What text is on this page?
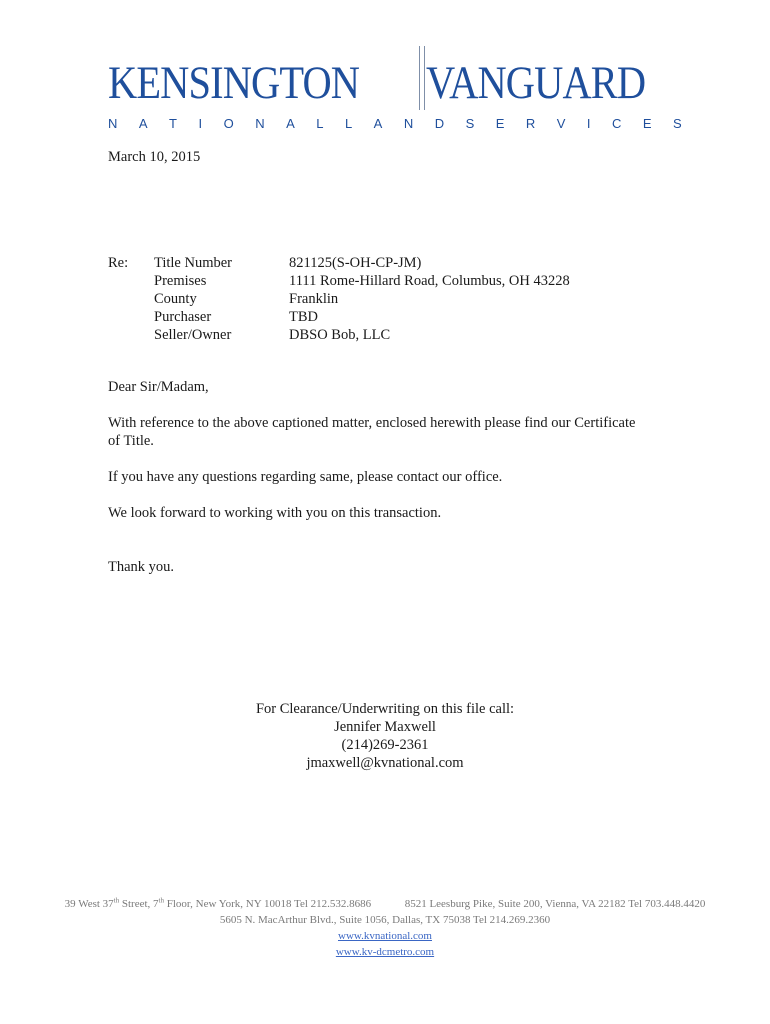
KENSINGTON VANGUARD
N A T I O N A L L A N D S E R V I C E S
March 10, 2015
Re: Title Number	821125(S-OH-CP-JM)
Premises	1111 Rome-Hillard Road, Columbus, OH 43228
County	Franklin
Purchaser	TBD
Seller/Owner	DBSO Bob, LLC
Dear Sir/Madam,
With reference to the above captioned matter, enclosed herewith please find our Certificate
of Title.
If you have any questions regarding same, please contact our office.
We look forward to working with you on this transaction.
Thank you.
For Clearance/Underwriting on this file call:
Jennifer Maxwell
(214)269-2361
jmaxwell@kvnational.com
39 West 37th Street, 7th Floor, New York, NY 10018 Tel 212.532.8686	8521 Leesburg Pike, Suite 200, Vienna, VA 22182 Tel 703.448.4420
5605 N. MacArthur Blvd., Suite 1056, Dallas, TX 75038 Tel 214.269.2360
www.kvnational.com
www.kv-dcmetro.com
